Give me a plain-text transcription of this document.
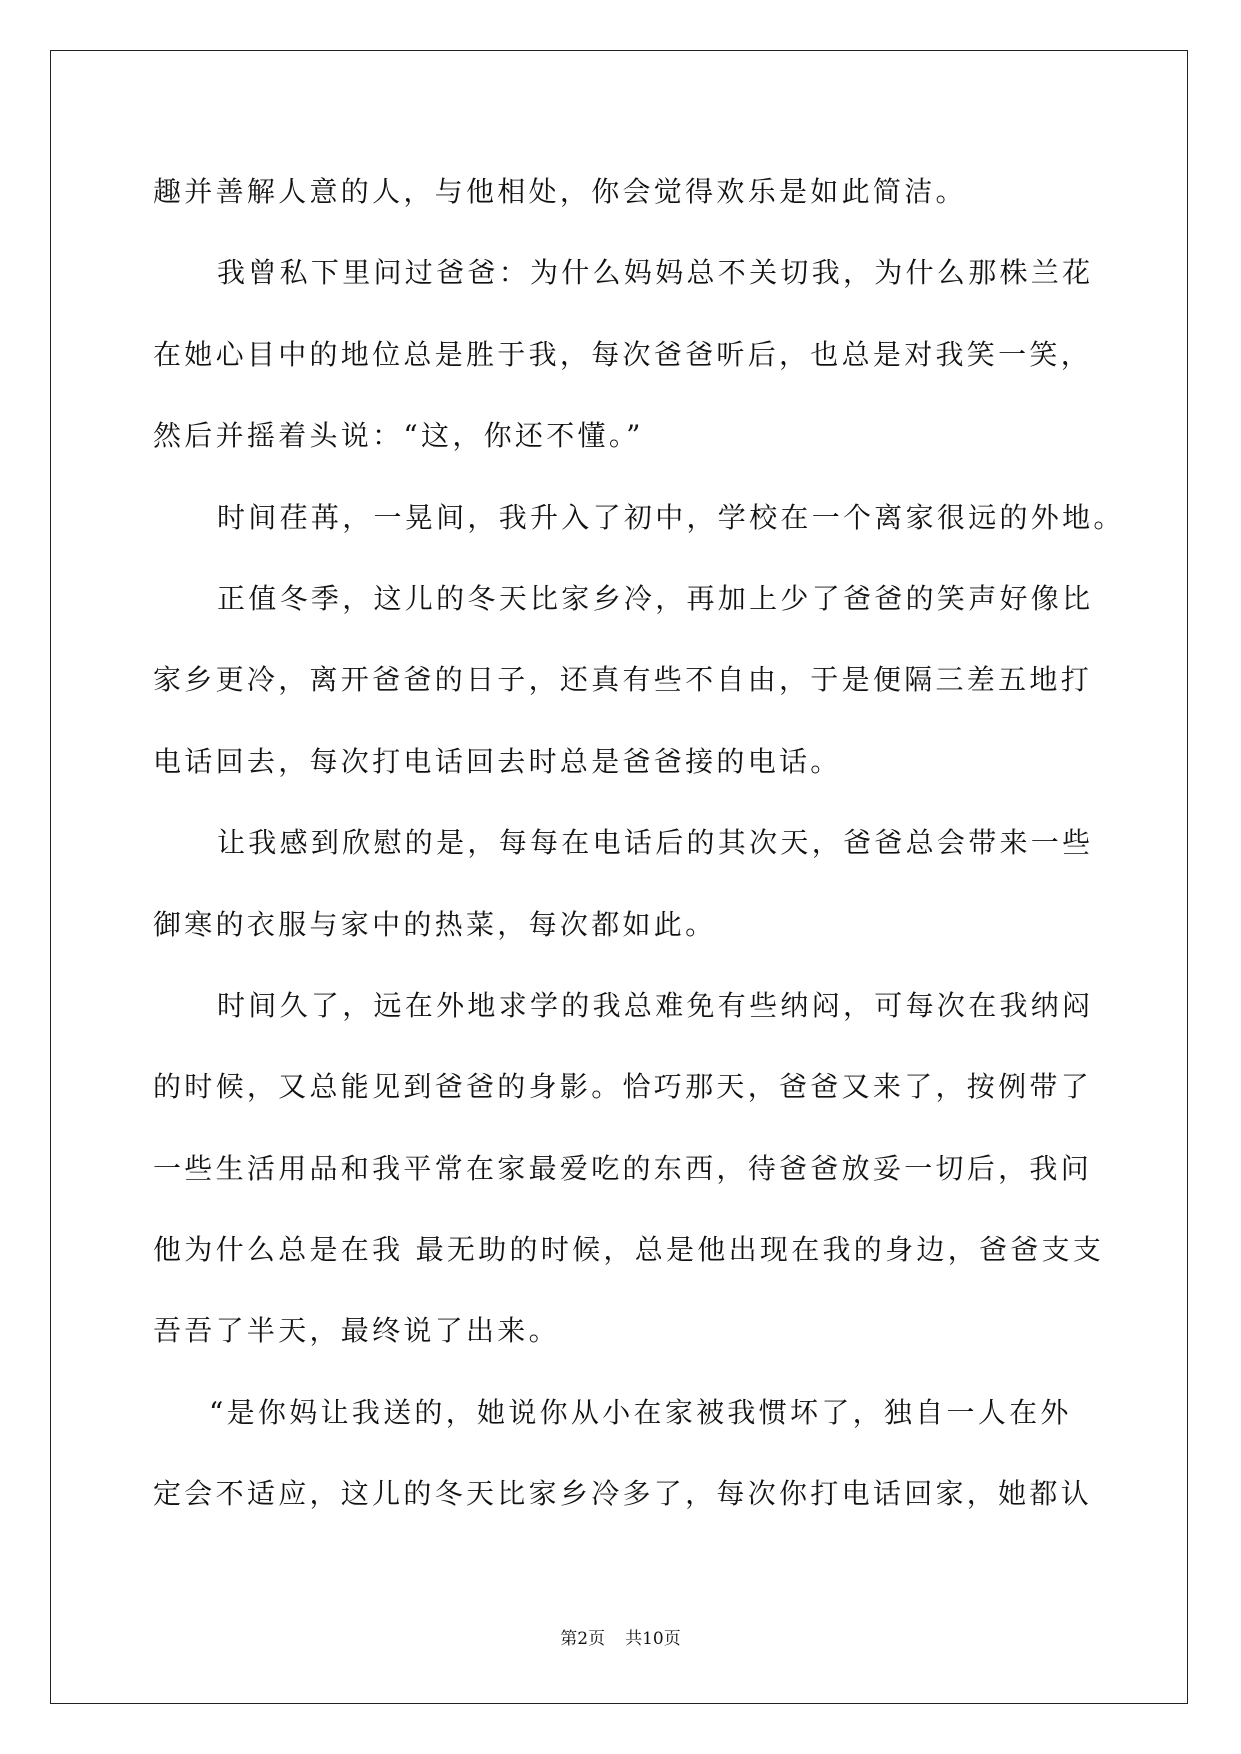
趣并善解人意的人，与他相处，你会觉得欢乐是如此简洁。
我曾私下里问过爸爸：为什么妈妈总不关切我，为什么那株兰花
在她心目中的地位总是胜于我，每次爸爸听后，也总是对我笑一笑，
然后并摇着头说：“这，你还不懂。”
时间荏苒，一晃间，我升入了初中，学校在一个离家很远的外地。
正值冬季，这儿的冬天比家乡冷，再加上少了爸爸的笑声好像比
家乡更冷，离开爸爸的日子，还真有些不自由，于是便隔三差五地打
电话回去，每次打电话回去时总是爸爸接的电话。
让我感到欣慰的是，每每在电话后的其次天，爸爸总会带来一些
御寒的衣服与家中的热菜，每次都如此。
时间久了，远在外地求学的我总难免有些纳闷，可每次在我纳闷
的时候，又总能见到爸爸的身影。恰巧那天，爸爸又来了，按例带了
一些生活用品和我平常在家最爱吃的东西，待爸爸放妥一切后，我问
他为什么总是在我 最无助的时候，总是他出现在我的身边，爸爸支支
吾吾了半天，最终说了出来。
“是你妈让我送的，她说你从小在家被我惯坏了，独自一人在外
定会不适应，这儿的冬天比家乡冷多了，每次你打电话回家，她都认
第2页 共10页
